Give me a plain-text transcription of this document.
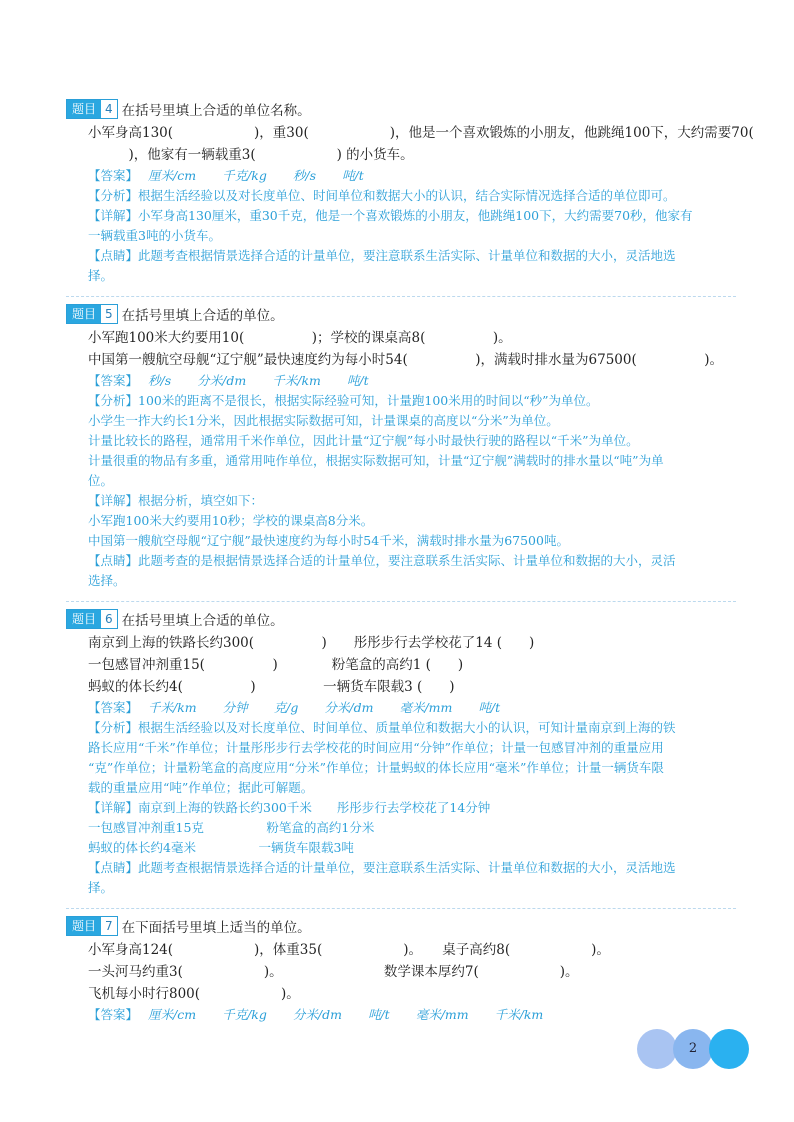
题目 4 在括号里填上合适的单位名称。
小军身高130(　　　　　　)，重30(　　　　　　)，他是一个喜欢锻炼的小朋友，他跳绳100下，大约需要70(
　　　)，他家有一辆载重3(　　　　　　) 的小货车。
【答案】 厘米/cm 千克/kg 秒/s 吨/t
【分析】根据生活经验以及对长度单位、时间单位和数据大小的认识，结合实际情况选择合适的单位即可。
【详解】小军身高130厘米，重30千克，他是一个喜欢锻炼的小朋友，他跳绳100下，大约需要70秒，他家有
一辆载重3吨的小货车。
【点睛】此题考查根据情景选择合适的计量单位，要注意联系生活实际、计量单位和数据的大小，灵活地选
择。
题目 5 在括号里填上合适的单位。
小军跑100米大约要用10(　　　　　)；学校的课桌高8(　　　　　)。
中国第一艘航空母舰“辽宁舰”最快速度约为每小时54(　　　　　)，满载时排水量为67500(　　　　　)。
【答案】 秒/s 分米/dm 千米/km 吨/t
【分析】100米的距离不是很长，根据实际经验可知，计量跑100米用的时间以“秒”为单位。
小学生一拃大约长1分米，因此根据实际数据可知，计量课桌的高度以“分米”为单位。
计量比较长的路程，通常用千米作单位，因此计量“辽宁舰”每小时最快行驶的路程以“千米”为单位。
计量很重的物品有多重，通常用吨作单位，根据实际数据可知，计量“辽宁舰”满载时的排水量以“吨”为单
位。
【详解】根据分析，填空如下：
小军跑100米大约要用10秒；学校的课桌高8分米。
中国第一艘航空母舰“辽宁舰”最快速度约为每小时54千米，满载时排水量为67500吨。
【点睛】此题考查的是根据情景选择合适的计量单位，要注意联系生活实际、计量单位和数据的大小，灵活
选择。
题目 6 在括号里填上合适的单位。
南京到上海的铁路长约300(　　　　　)　　彤彤步行去学校花了14 (　　)
一包感冒冲剂重15(　　　　　)　　　　粉笔盒的高约1 (　　)
蚂蚁的体长约4(　　　　　)　　　　　一辆货车限载3 (　　)
【答案】 千米/km 分钟 克/g 分米/dm 毫米/mm 吨/t
【分析】根据生活经验以及对长度单位、时间单位、质量单位和数据大小的认识，可知计量南京到上海的铁
路长应用“千米”作单位；计量彤彤步行去学校花的时间应用“分钟”作单位；计量一包感冒冲剂的重量应用
“克”作单位；计量粉笔盒的高度应用“分米”作单位；计量蚂蚁的体长应用“毫米”作单位；计量一辆货车限
载的重量应用“吨”作单位；据此可解题。
【详解】南京到上海的铁路长约300千米　　彤彤步行去学校花了14分钟
一包感冒冲剂重15克　　　　　粉笔盒的高约1分米
蚂蚁的体长约4毫米　　　　　一辆货车限载3吨
【点睛】此题考查根据情景选择合适的计量单位，要注意联系生活实际、计量单位和数据的大小，灵活地选
择。
题目 7 在下面括号里填上适当的单位。
小军身高124(　　　　　　)，体重35(　　　　　　)。　　桌子高约8(　　　　　　)。
一头河马约重3(　　　　　　)。　　　　　　　　数学课本厚约7(　　　　　　)。
飞机每小时行800(　　　　　　)。
【答案】 厘米/cm 千克/kg 分米/dm 吨/t 毫米/mm 千米/km
2
